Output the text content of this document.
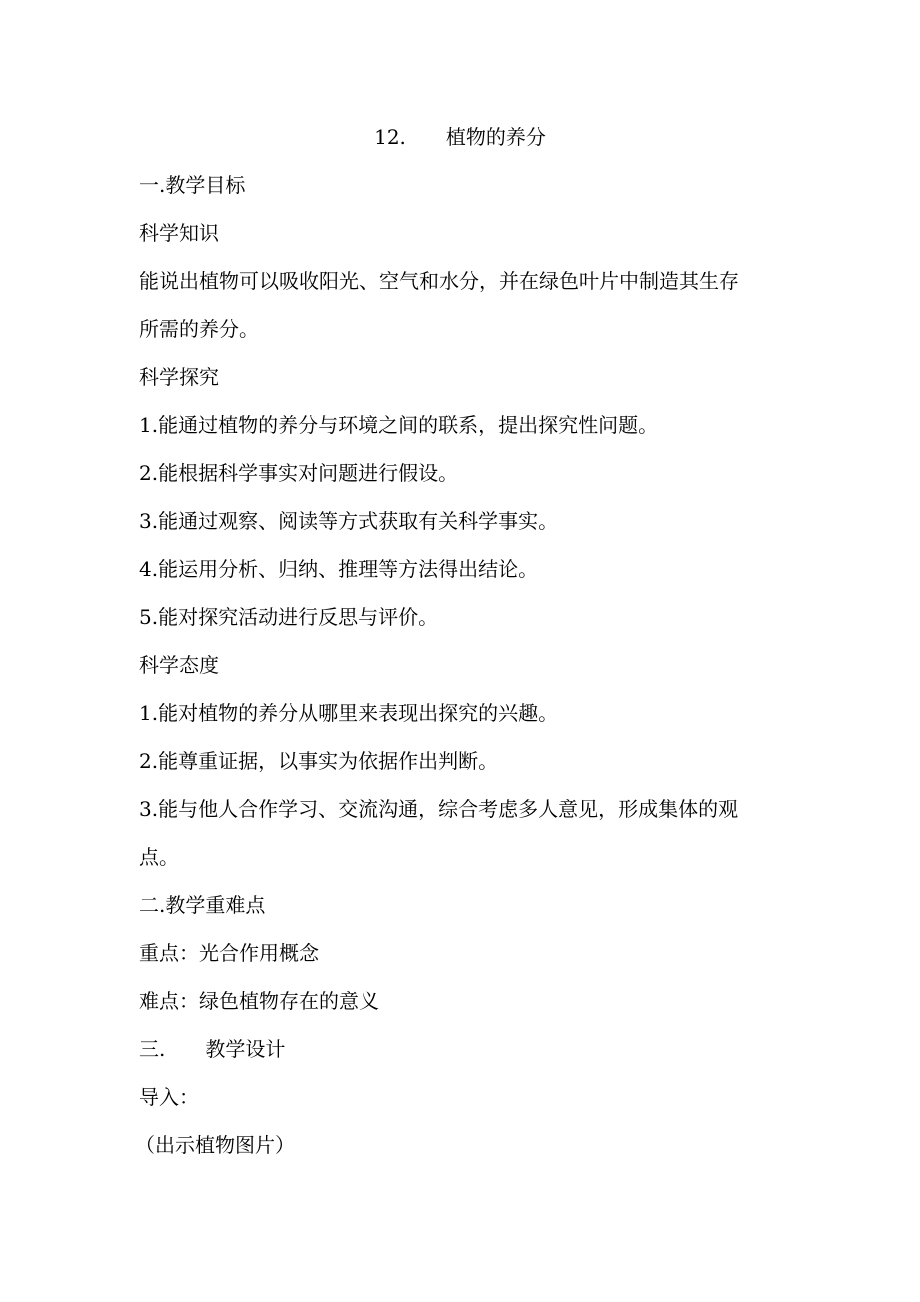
12. 植物的养分
一.教学目标
科学知识
能说出植物可以吸收阳光、空气和水分，并在绿色叶片中制造其生存
所需的养分。
科学探究
1.能通过植物的养分与环境之间的联系，提出探究性问题。
2.能根据科学事实对问题进行假设。
3.能通过观察、阅读等方式获取有关科学事实。
4.能运用分析、归纳、推理等方法得出结论。
5.能对探究活动进行反思与评价。
科学态度
1.能对植物的养分从哪里来表现出探究的兴趣。
2.能尊重证据，以事实为依据作出判断。
3.能与他人合作学习、交流沟通，综合考虑多人意见，形成集体的观
点。
二.教学重难点
重点：光合作用概念
难点：绿色植物存在的意义
三. 教学设计
导入：
（出示植物图片）
